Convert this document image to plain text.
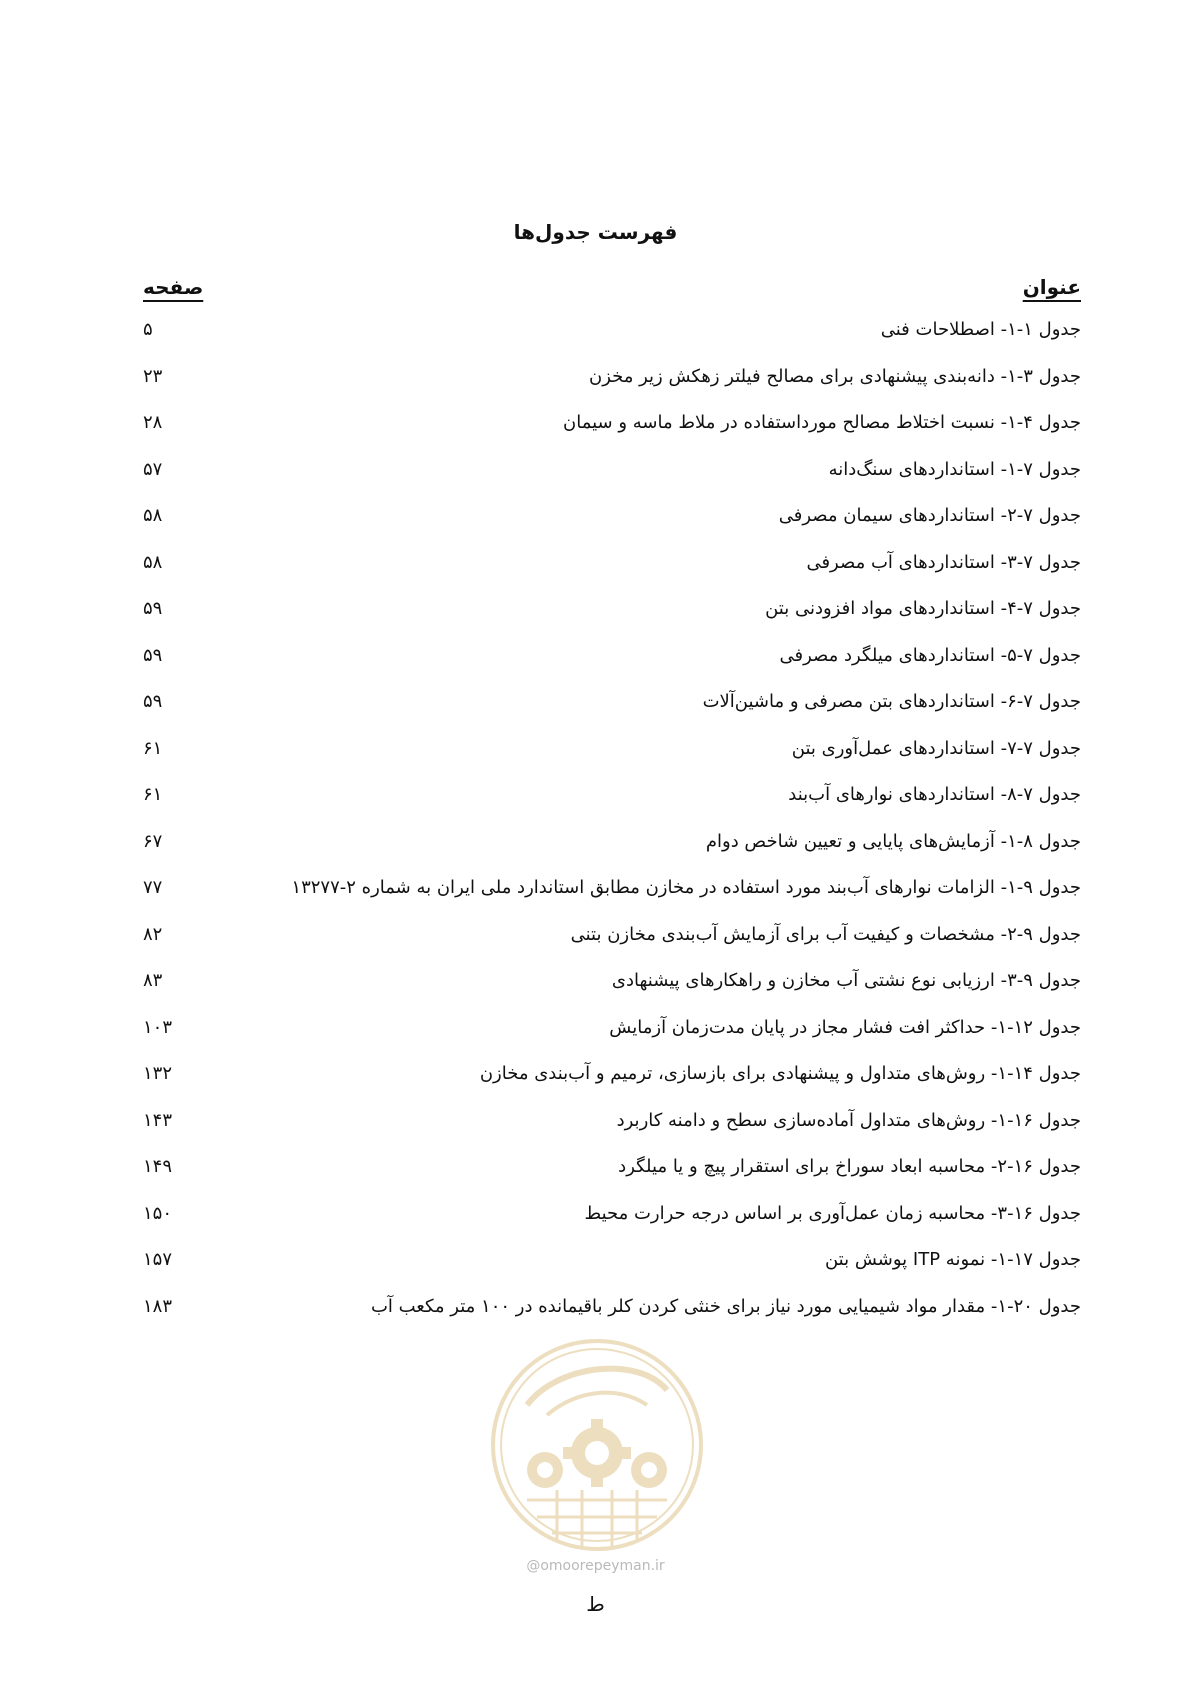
فهرست جدول‌ها
عنوان
صفحه
جدول ۱-۱- اصطلاحات فنی
۵
جدول ۳-۱- دانه‌بندی پیشنهادی برای مصالح فیلتر زهکش زیر مخزن
۲۳
جدول ۴-۱- نسبت اختلاط مصالح مورداستفاده در ملاط ماسه و سیمان
۲۸
جدول ۷-۱- استانداردهای سنگ‌دانه
۵۷
جدول ۷-۲- استانداردهای سیمان مصرفی
۵۸
جدول ۷-۳- استانداردهای آب مصرفی
۵۸
جدول ۷-۴- استانداردهای مواد افزودنی بتن
۵۹
جدول ۷-۵- استانداردهای میلگرد مصرفی
۵۹
جدول ۷-۶- استانداردهای بتن مصرفی و ماشین‌آلات
۵۹
جدول ۷-۷- استانداردهای عمل‌آوری بتن
۶۱
جدول ۷-۸- استانداردهای نوارهای آب‌بند
۶۱
جدول ۸-۱- آزمایش‌های پایایی و تعیین شاخص دوام
۶۷
جدول ۹-۱- الزامات نوارهای آب‌بند مورد استفاده در مخازن مطابق استاندارد ملی ایران به شماره ۲-۱۳۲۷۷
۷۷
جدول ۹-۲- مشخصات و کیفیت آب برای آزمایش آب‌بندی مخازن بتنی
۸۲
جدول ۹-۳- ارزیابی نوع نشتی آب مخازن و راهکارهای پیشنهادی
۸۳
جدول ۱۲-۱- حداکثر افت فشار مجاز در پایان مدت‌زمان آزمایش
۱۰۳
جدول ۱۴-۱- روش‌های متداول و پیشنهادی برای بازسازی، ترمیم و آب‌بندی مخازن
۱۳۲
جدول ۱۶-۱- روش‌های متداول آماده‌سازی سطح و دامنه کاربرد
۱۴۳
جدول ۱۶-۲- محاسبه ابعاد سوراخ برای استقرار پیچ و یا میلگرد
۱۴۹
جدول ۱۶-۳- محاسبه زمان عمل‌آوری بر اساس درجه حرارت محیط
۱۵۰
جدول ۱۷-۱- نمونه ITP پوشش بتن
۱۵۷
جدول ۲۰-۱- مقدار مواد شیمیایی مورد نیاز برای خنثی کردن کلر باقیمانده در ۱۰۰ متر مکعب آب
۱۸۳
@omoorepeyman.ir
ط
